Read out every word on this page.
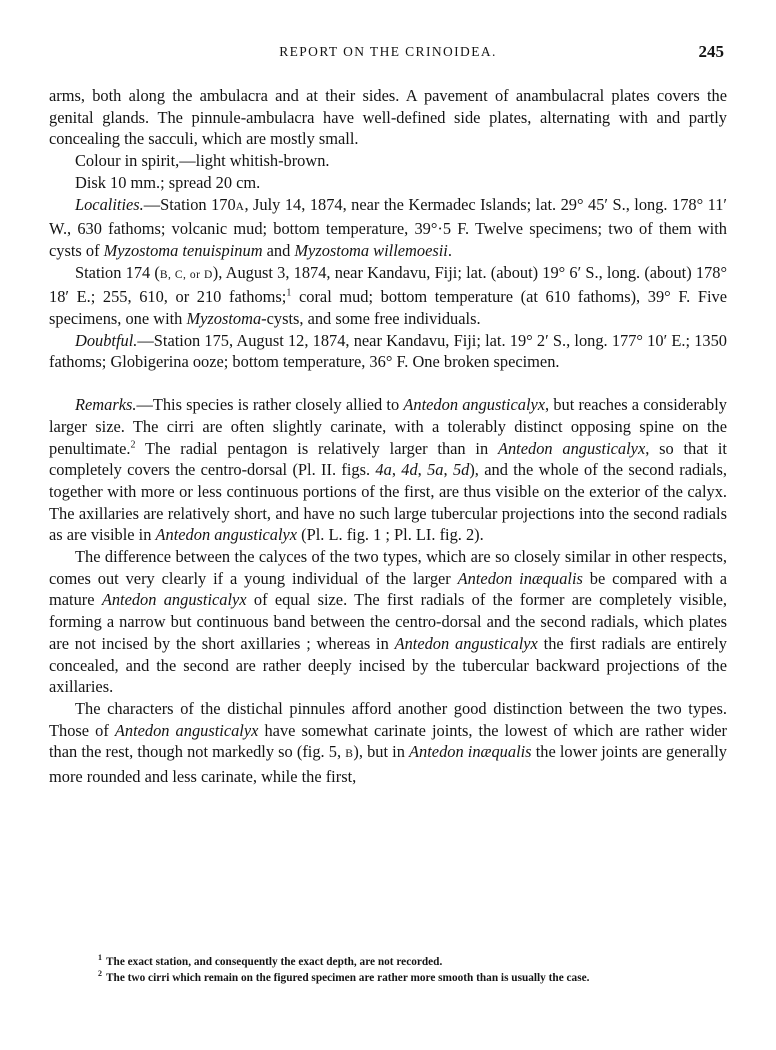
REPORT ON THE CRINOIDEA.	245

arms, both along the ambulacra and at their sides. A pavement of anambulacral plates covers the genital glands. The pinnule-ambulacra have well-defined side plates, alternating with and partly concealing the sacculi, which are mostly small.

Colour in spirit,—light whitish-brown.

Disk 10 mm.; spread 20 cm.

Localities.—Station 170A, July 14, 1874, near the Kermadec Islands; lat. 29° 45′ S., long. 178° 11′ W., 630 fathoms; volcanic mud; bottom temperature, 39°·5 F. Twelve specimens; two of them with cysts of Myzostoma tenuispinum and Myzostoma willemoesii.

Station 174 (B, C, or D), August 3, 1874, near Kandavu, Fiji; lat. (about) 19° 6′ S., long. (about) 178° 18′ E.; 255, 610, or 210 fathoms;$^1$ coral mud; bottom temperature (at 610 fathoms), 39° F. Five specimens, one with Myzostoma-cysts, and some free individuals.

Doubtful.—Station 175, August 12, 1874, near Kandavu, Fiji; lat. 19° 2′ S., long. 177° 10′ E.; 1350 fathoms; Globigerina ooze; bottom temperature, 36° F. One broken specimen.

Remarks.—This species is rather closely allied to Antedon angusticalyx, but reaches a considerably larger size. The cirri are often slightly carinate, with a tolerably distinct opposing spine on the penultimate.$^2$ The radial pentagon is relatively larger than in Antedon angusticalyx, so that it completely covers the centro-dorsal (Pl. II. figs. 4a, 4d, 5a, 5d), and the whole of the second radials, together with more or less continuous portions of the first, are thus visible on the exterior of the calyx. The axillaries are relatively short, and have no such large tubercular projections into the second radials as are visible in Antedon angusticalyx (Pl. L. fig. 1 ; Pl. LI. fig. 2).

The difference between the calyces of the two types, which are so closely similar in other respects, comes out very clearly if a young individual of the larger Antedon inæqualis be compared with a mature Antedon angusticalyx of equal size. The first radials of the former are completely visible, forming a narrow but continuous band between the centro-dorsal and the second radials, which plates are not incised by the short axillaries ; whereas in Antedon angusticalyx the first radials are entirely concealed, and the second are rather deeply incised by the tubercular backward projections of the axillaries.

The characters of the distichal pinnules afford another good distinction between the two types. Those of Antedon angusticalyx have somewhat carinate joints, the lowest of which are rather wider than the rest, though not markedly so (fig. 5, B), but in Antedon inæqualis the lower joints are generally more rounded and less carinate, while the first,

$^1$ The exact station, and consequently the exact depth, are not recorded.

$^2$ The two cirri which remain on the figured specimen are rather more smooth than is usually the case.
